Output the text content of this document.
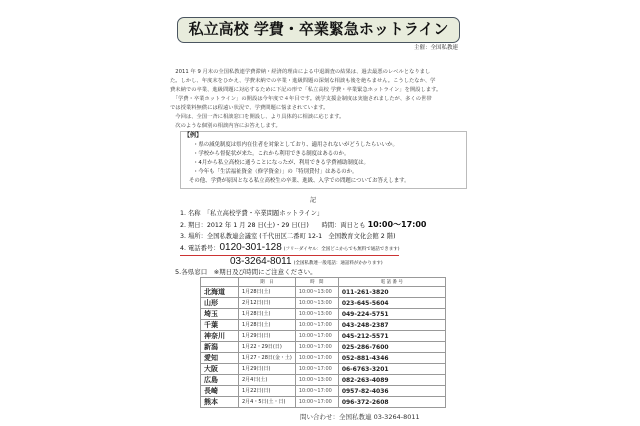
私立高校 学費・卒業緊急ホットライン
主催：全国私教連
　2011 年 9 月末の全国私教連学費滞納・経済的理由による中退調査の結果は、過去最悪のレベルとなりまし
た。しかし、年度末をひかえ、学費未納での卒業・進級問題の深刻な相談も後を絶ちません。こうしたなか、学
費未納での卒業、進級問題に対応するために下記の形で「私立高校 学費・卒業緊急ホットライン」を開設します。
　「学費・卒業ホットライン」の開設は今年度で４年目です。就学支援金制度は実施されましたが、多くの世帯
では授業料無償には程遠い状況で、学費問題に悩まされています。
　今回は、全国一斉に相談窓口を開設し、より具体的に相談に応じます。
　次のような個別の相談内容にお答えします。
【例】
・県の減免制度は県内在住者を対象としており、適用されないがどうしたらいいか。
・学校から督促状が来た。これから利用できる制度はあるのか。
・4月から私立高校に通うことになったが、利用できる学費補助制度は。
・今年も「生活福祉資金（修学資金）」の「特別貸付」はあるのか。
その他、学費が原因となる私立高校生の卒業、進級、入学での問題についてお答えします。
記
1. 名称　「私立高校学費・卒業問題ホットライン」
2. 期日：2012 年 1 月 28 日(土)・29 日(日)　　時間：両日とも 10:00〜17:00
3. 場所：全国私教連会議室 (千代田区二番町 12-1　全国教育文化会館 2 階)
4. 電話番号：0120-301-128 (フリーダイヤル：全国どこからでも無料で通話できます)
03-3264-8011 (全国私教連一般電話：通話料がかかります)
5.各県窓口　※期日及び時間にご注意ください。
	期　日	時　間	電 話 番 号
北海道	1月28日(土)	10:00~13:00	011-261-3820
山形	2月12日(日)	10:00~13:00	023-645-5604
埼玉	1月28日(土)	10:00~13:00	049-224-5751
千葉	1月28日(土)	10:00~17:00	043-248-2387
神奈川	1月29日(日)	10:00~17:00	045-212-5571
新潟	1月22・29日(日)	10:00~17:00	025-286-7600
愛知	1月27・28日(金・土)	10:00~17:00	052-881-4346
大阪	1月29日(日)	10:00~17:00	06-6763-3201
広島	2月4日(土)	10:00~13:00	082-263-4089
長崎	1月22日(日)	10:00~17:00	0957-82-4036
熊本	2月4・5日(土・日)	10:00~17:00	096-372-2608
問い合わせ：全国私教連 03-3264-8011
